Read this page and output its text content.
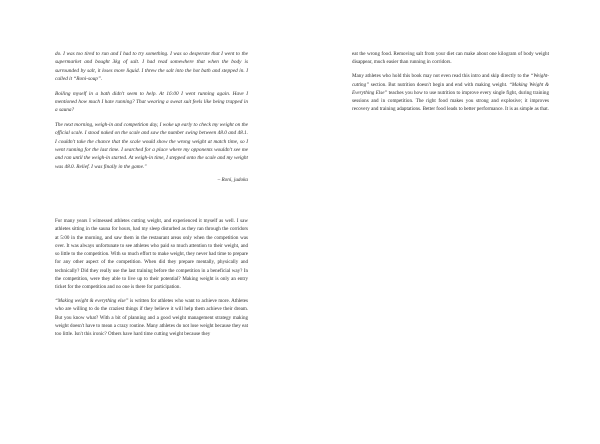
do. I was too tired to run and I had to try something. I was so desperate that I went to the supermarket and bought 3kg of salt. I had read somewhere that when the body is surrounded by salt, it loses more liquid. I threw the salt into the hot bath and stepped in. I called it “Roni-soup”.

Boiling myself in a bath didn't seem to help. At 16:00 I went running again. Have I mentioned how much I hate running? That wearing a sweat suit feels like being trapped in a sauna?

The next morning, weigh-in and competition day, I woke up early to check my weight on the official scale. I stood naked on the scale and saw the number swing between 48.0 and 48.1. I couldn't take the chance that the scale would show the wrong weight at match time, so I went running for the last time. I searched for a place where my opponents wouldn't see me and ran until the weigh-in started. At weigh-in time, I stepped onto the scale and my weight was 48.0. Relief. I was finally in the game."

– Roni, judoka

For many years I witnessed athletes cutting weight, and experienced it myself as well. I saw athletes sitting in the sauna for hours, had my sleep disturbed as they ran through the corridors at 5:00 in the morning, and saw them in the restaurant areas only when the competition was over. It was always unfortunate to see athletes who paid so much attention to their weight, and so little to the competition. With so much effort to make weight, they never had time to prepare for any other aspect of the competition. When did they prepare mentally, physically and technically? Did they really use the last training before the competition in a beneficial way? In the competition, were they able to live up to their potential? Making weight is only an entry ticket for the competition and no one is there for participation.

“Making weight & everything else” is written for athletes who want to achieve more. Athletes who are willing to do the craziest things if they believe it will help them achieve their dream. But you know what? With a bit of planning and a good weight management strategy making weight doesn't have to mean a crazy routine. Many athletes do not lose weight because they eat too little. Isn't this ironic? Others have hard time cutting weight because they

eat the wrong food. Removing salt from your diet can make about one kilogram of body weight disappear, much easier than running in corridors.

Many athletes who hold this book may not even read this intro and skip directly to the “Weight-cutting” section. But nutrition doesn't begin and end with making weight. “Making Weight & Everything Else” teaches you how to use nutrition to improve every single fight, during training sessions and in competition. The right food makes you strong and explosive; it improves recovery and training adaptations. Better food leads to better performance. It is as simple as that.
